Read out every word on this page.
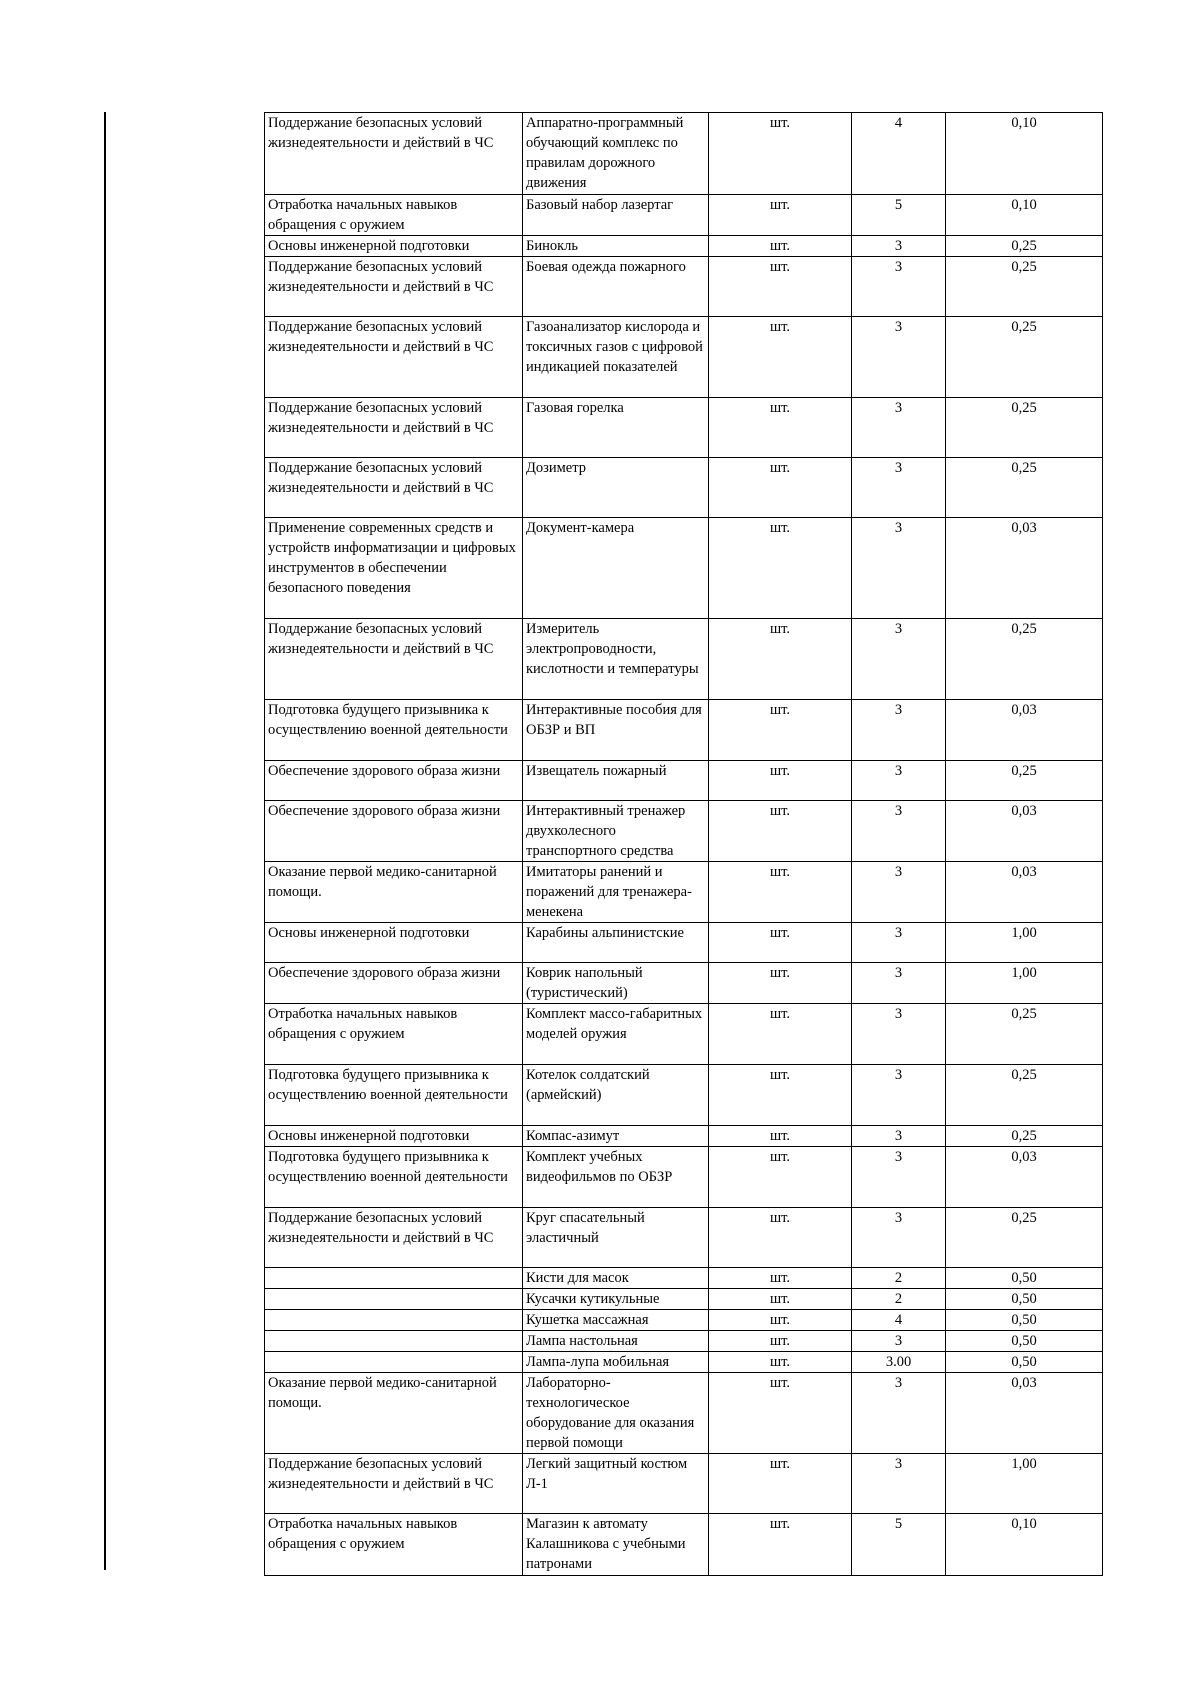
Поддержание безопасных условий жизнедеятельности и действий в ЧС	Аппаратно-программный обучающий комплекс по правилам дорожного движения	шт.	4	0,10
Отработка начальных навыков обращения с оружием	Базовый набор лазертаг	шт.	5	0,10
Основы инженерной подготовки	Бинокль	шт.	3	0,25
Поддержание безопасных условий жизнедеятельности и действий в ЧС	Боевая одежда пожарного	шт.	3	0,25
Поддержание безопасных условий жизнедеятельности и действий в ЧС	Газоанализатор кислорода и токсичных газов с цифровой индикацией показателей	шт.	3	0,25
Поддержание безопасных условий жизнедеятельности и действий в ЧС	Газовая горелка	шт.	3	0,25
Поддержание безопасных условий жизнедеятельности и действий в ЧС	Дозиметр	шт.	3	0,25
Применение современных средств и устройств информатизации и цифровых инструментов в обеспечении безопасного поведения	Документ-камера	шт.	3	0,03
Поддержание безопасных условий жизнедеятельности и действий в ЧС	Измеритель электропроводности, кислотности и температуры	шт.	3	0,25
Подготовка будущего призывника к осуществлению военной деятельности	Интерактивные пособия для ОБЗР и ВП	шт.	3	0,03
Обеспечение здорового образа жизни	Извещатель пожарный	шт.	3	0,25
Обеспечение здорового образа жизни	Интерактивный тренажер двухколесного транспортного средства	шт.	3	0,03
Оказание первой медико-санитарной помощи.	Имитаторы ранений и поражений для тренажера-менекена	шт.	3	0,03
Основы инженерной подготовки	Карабины альпинистские	шт.	3	1,00
Обеспечение здорового образа жизни	Коврик напольный (туристический)	шт.	3	1,00
Отработка начальных навыков обращения с оружием	Комплект массо-габаритных моделей оружия	шт.	3	0,25
Подготовка будущего призывника к осуществлению военной деятельности	Котелок солдатский (армейский)	шт.	3	0,25
Основы инженерной подготовки	Компас-азимут	шт.	3	0,25
Подготовка будущего призывника к осуществлению военной деятельности	Комплект учебных видеофильмов по ОБЗР	шт.	3	0,03
Поддержание безопасных условий жизнедеятельности и действий в ЧС	Круг спасательный эластичный	шт.	3	0,25
	Кисти для масок	шт.	2	0,50
	Кусачки кутикульные	шт.	2	0,50
	Кушетка массажная	шт.	4	0,50
	Лампа настольная	шт.	3	0,50
	Лампа-лупа мобильная	шт.	3.00	0,50
Оказание первой медико-санитарной помощи.	Лабораторно-технологическое оборудование для оказания первой помощи	шт.	3	0,03
Поддержание безопасных условий жизнедеятельности и действий в ЧС	Легкий защитный костюм Л-1	шт.	3	1,00
Отработка начальных навыков обращения с оружием	Магазин к автомату Калашникова с учебными патронами	шт.	5	0,10
